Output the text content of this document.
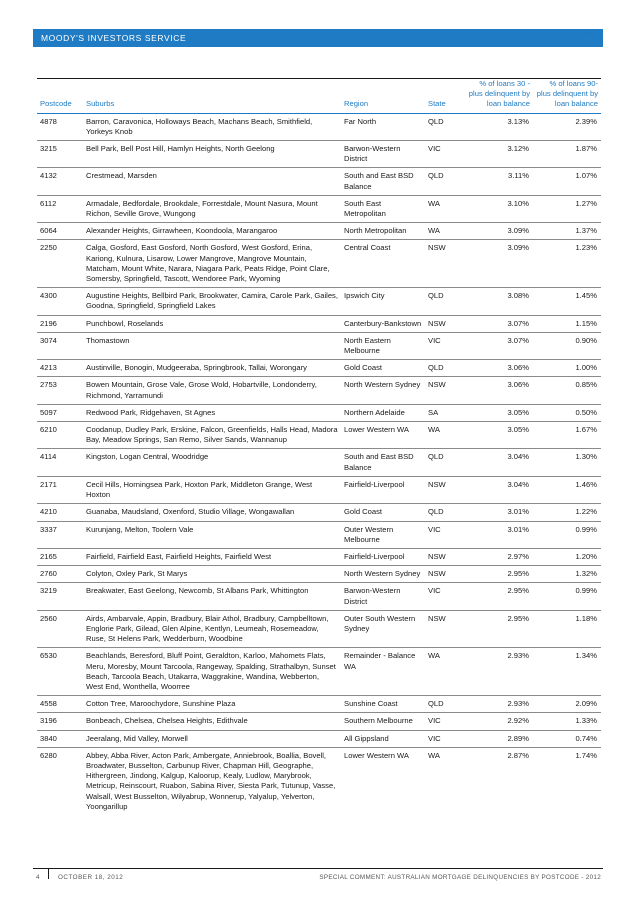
MOODY'S INVESTORS SERVICE
RESIDENTIAL MBS

Postcode	Suburbs	Region	State	% of loans 30 - plus delinquent by loan balance	% of loans 90-plus delinquent by loan balance
4878	Barron, Caravonica, Holloways Beach, Machans Beach, Smithfield, Yorkeys Knob	Far North	QLD	3.13%	2.39%
3215	Bell Park, Bell Post Hill, Hamlyn Heights, North Geelong	Barwon-Western District	VIC	3.12%	1.87%
4132	Crestmead, Marsden	South and East BSD Balance	QLD	3.11%	1.07%
6112	Armadale, Bedfordale, Brookdale, Forrestdale, Mount Nasura, Mount Richon, Seville Grove, Wungong	South East Metropolitan	WA	3.10%	1.27%
6064	Alexander Heights, Girrawheen, Koondoola, Marangaroo	North Metropolitan	WA	3.09%	1.37%
2250	Calga, Gosford, East Gosford, North Gosford, West Gosford, Erina, Kariong, Kulnura, Lisarow, Lower Mangrove, Mangrove Mountain, Matcham, Mount White, Narara, Niagara Park, Peats Ridge, Point Clare, Somersby, Springfield, Tascott, Wendoree Park, Wyoming	Central Coast	NSW	3.09%	1.23%
4300	Augustine Heights, Bellbird Park, Brookwater, Camira, Carole Park, Gailes, Goodna, Springfield, Springfield Lakes	Ipswich City	QLD	3.08%	1.45%
2196	Punchbowl, Roselands	Canterbury-Bankstown	NSW	3.07%	1.15%
3074	Thomastown	North Eastern Melbourne	VIC	3.07%	0.90%
4213	Austinville, Bonogin, Mudgeeraba, Springbrook, Tallai, Worongary	Gold Coast	QLD	3.06%	1.00%
2753	Bowen Mountain, Grose Vale, Grose Wold, Hobartville, Londonderry, Richmond, Yarramundi	North Western Sydney	NSW	3.06%	0.85%
5097	Redwood Park, Ridgehaven, St Agnes	Northern Adelaide	SA	3.05%	0.50%
6210	Coodanup, Dudley Park, Erskine, Falcon, Greenfields, Halls Head, Madora Bay, Meadow Springs, San Remo, Silver Sands, Wannanup	Lower Western WA	WA	3.05%	1.67%
4114	Kingston, Logan Central, Woodridge	South and East BSD Balance	QLD	3.04%	1.30%
2171	Cecil Hills, Horningsea Park, Hoxton Park, Middleton Grange, West Hoxton	Fairfield-Liverpool	NSW	3.04%	1.46%
4210	Guanaba, Maudsland, Oxenford, Studio Village, Wongawallan	Gold Coast	QLD	3.01%	1.22%
3337	Kurunjang, Melton, Toolern Vale	Outer Western Melbourne	VIC	3.01%	0.99%
2165	Fairfield, Fairfield East, Fairfield Heights, Fairfield West	Fairfield-Liverpool	NSW	2.97%	1.20%
2760	Colyton, Oxley Park, St Marys	North Western Sydney	NSW	2.95%	1.32%
3219	Breakwater, East Geelong, Newcomb, St Albans Park, Whittington	Barwon-Western District	VIC	2.95%	0.99%
2560	Airds, Ambarvale, Appin, Bradbury, Blair Athol, Bradbury, Campbelltown, Englorie Park, Gilead, Glen Alpine, Kentlyn, Leumeah, Rosemeadow, Ruse, St Helens Park, Wedderburn, Woodbine	Outer South Western Sydney	NSW	2.95%	1.18%
6530	Beachlands, Beresford, Bluff Point, Geraldton, Karloo, Mahomets Flats, Meru, Moresby, Mount Tarcoola, Rangeway, Spalding, Strathalbyn, Sunset Beach, Tarcoola Beach, Utakarra, Waggrakine, Wandina, Webberton, West End, Wonthella, Woorree	Remainder - Balance WA	WA	2.93%	1.34%
4558	Cotton Tree, Maroochydore, Sunshine Plaza	Sunshine Coast	QLD	2.93%	2.09%
3196	Bonbeach, Chelsea, Chelsea Heights, Edithvale	Southern Melbourne	VIC	2.92%	1.33%
3840	Jeeralang, Mid Valley, Morwell	All Gippsland	VIC	2.89%	0.74%
6280	Abbey, Abba River, Acton Park, Ambergate, Anniebrook, Boallia, Bovell, Broadwater, Busselton, Carbunup River, Chapman Hill, Geographe, Hithergreen, Jindong, Kalgup, Kaloorup, Kealy, Ludlow, Marybrook, Metricup, Reinscourt, Ruabon, Sabina River, Siesta Park, Tutunup, Vasse, Walsall, West Busselton, Wilyabrup, Wonnerup, Yalyalup, Yelverton, Yoongarillup	Lower Western WA	WA	2.87%	1.74%
4	OCTOBER 18, 2012	SPECIAL COMMENT: AUSTRALIAN MORTGAGE DELINQUENCIES BY POSTCODE - 2012
